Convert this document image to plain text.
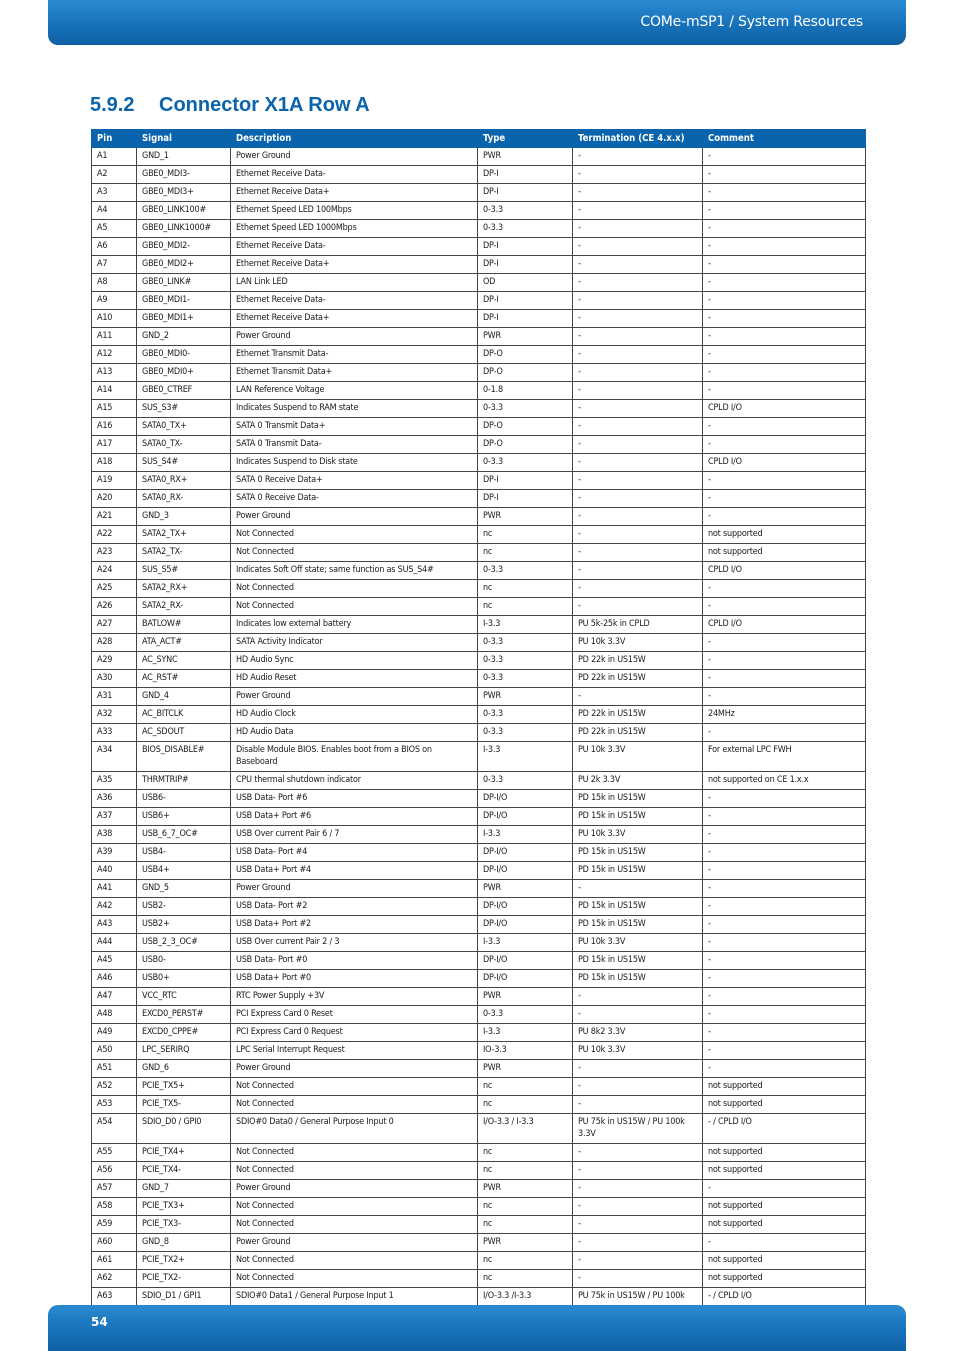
COMe-mSP1 / System Resources
5.9.2 Connector X1A Row A
Pin	Signal	Description	Type	Termination (CE 4.x.x)	Comment
A1	GND_1	Power Ground	PWR	-	-
A2	GBE0_MDI3-	Ethernet Receive Data-	DP-I	-	-
A3	GBE0_MDI3+	Ethernet Receive Data+	DP-I	-	-
A4	GBE0_LINK100#	Ethernet Speed LED 100Mbps	0-3.3	-	-
A5	GBE0_LINK1000#	Ethernet Speed LED 1000Mbps	0-3.3	-	-
A6	GBE0_MDI2-	Ethernet Receive Data-	DP-I	-	-
A7	GBE0_MDI2+	Ethernet Receive Data+	DP-I	-	-
A8	GBE0_LINK#	LAN Link LED	OD	-	-
A9	GBE0_MDI1-	Ethernet Receive Data-	DP-I	-	-
A10	GBE0_MDI1+	Ethernet Receive Data+	DP-I	-	-
A11	GND_2	Power Ground	PWR	-	-
A12	GBE0_MDI0-	Ethernet Transmit Data-	DP-O	-	-
A13	GBE0_MDI0+	Ethernet Transmit Data+	DP-O	-	-
A14	GBE0_CTREF	LAN Reference Voltage	0-1.8	-	-
A15	SUS_S3#	Indicates Suspend to RAM state	0-3.3	-	CPLD I/O
A16	SATA0_TX+	SATA 0 Transmit Data+	DP-O	-	-
A17	SATA0_TX-	SATA 0 Transmit Data-	DP-O	-	-
A18	SUS_S4#	Indicates Suspend to Disk state	0-3.3	-	CPLD I/O
A19	SATA0_RX+	SATA 0 Receive Data+	DP-I	-	-
A20	SATA0_RX-	SATA 0 Receive Data-	DP-I	-	-
A21	GND_3	Power Ground	PWR	-	-
A22	SATA2_TX+	Not Connected	nc	-	not supported
A23	SATA2_TX-	Not Connected	nc	-	not supported
A24	SUS_S5#	Indicates Soft Off state; same function as SUS_S4#	0-3.3	-	CPLD I/O
A25	SATA2_RX+	Not Connected	nc	-	-
A26	SATA2_RX-	Not Connected	nc	-	-
A27	BATLOW#	Indicates low external battery	I-3.3	PU 5k-25k in CPLD	CPLD I/O
A28	ATA_ACT#	SATA Activity Indicator	0-3.3	PU 10k 3.3V	-
A29	AC_SYNC	HD Audio Sync	0-3.3	PD 22k in US15W	-
A30	AC_RST#	HD Audio Reset	0-3.3	PD 22k in US15W	-
A31	GND_4	Power Ground	PWR	-	-
A32	AC_BITCLK	HD Audio Clock	0-3.3	PD 22k in US15W	24MHz
A33	AC_SDOUT	HD Audio Data	0-3.3	PD 22k in US15W	-
A34	BIOS_DISABLE#	Disable Module BIOS. Enables boot from a BIOS on Baseboard	I-3.3	PU 10k 3.3V	For external LPC FWH
A35	THRMTRIP#	CPU thermal shutdown indicator	0-3.3	PU 2k 3.3V	not supported on CE 1.x.x
A36	USB6-	USB Data- Port #6	DP-I/O	PD 15k in US15W	-
A37	USB6+	USB Data+ Port #6	DP-I/O	PD 15k in US15W	-
A38	USB_6_7_OC#	USB Over current Pair 6 / 7	I-3.3	PU 10k 3.3V	-
A39	USB4-	USB Data- Port #4	DP-I/O	PD 15k in US15W	-
A40	USB4+	USB Data+ Port #4	DP-I/O	PD 15k in US15W	-
A41	GND_5	Power Ground	PWR	-	-
A42	USB2-	USB Data- Port #2	DP-I/O	PD 15k in US15W	-
A43	USB2+	USB Data+ Port #2	DP-I/O	PD 15k in US15W	-
A44	USB_2_3_OC#	USB Over current Pair 2 / 3	I-3.3	PU 10k 3.3V	-
A45	USB0-	USB Data- Port #0	DP-I/O	PD 15k in US15W	-
A46	USB0+	USB Data+ Port #0	DP-I/O	PD 15k in US15W	-
A47	VCC_RTC	RTC Power Supply +3V	PWR	-	-
A48	EXCD0_PERST#	PCI Express Card 0 Reset	0-3.3	-	-
A49	EXCD0_CPPE#	PCI Express Card 0 Request	I-3.3	PU 8k2 3.3V	-
A50	LPC_SERIRQ	LPC Serial Interrupt Request	IO-3.3	PU 10k 3.3V	-
A51	GND_6	Power Ground	PWR	-	-
A52	PCIE_TX5+	Not Connected	nc	-	not supported
A53	PCIE_TX5-	Not Connected	nc	-	not supported
A54	SDIO_D0 / GPI0	SDIO#0 Data0 / General Purpose Input 0	I/O-3.3 / I-3.3	PU 75k in US15W / PU 100k 3.3V	- / CPLD I/O
A55	PCIE_TX4+	Not Connected	nc	-	not supported
A56	PCIE_TX4-	Not Connected	nc	-	not supported
A57	GND_7	Power Ground	PWR	-	-
A58	PCIE_TX3+	Not Connected	nc	-	not supported
A59	PCIE_TX3-	Not Connected	nc	-	not supported
A60	GND_8	Power Ground	PWR	-	-
A61	PCIE_TX2+	Not Connected	nc	-	not supported
A62	PCIE_TX2-	Not Connected	nc	-	not supported
A63	SDIO_D1 / GPI1	SDIO#0 Data1 / General Purpose Input 1	I/O-3.3 /I-3.3	PU 75k in US15W / PU 100k	- / CPLD I/O
54
